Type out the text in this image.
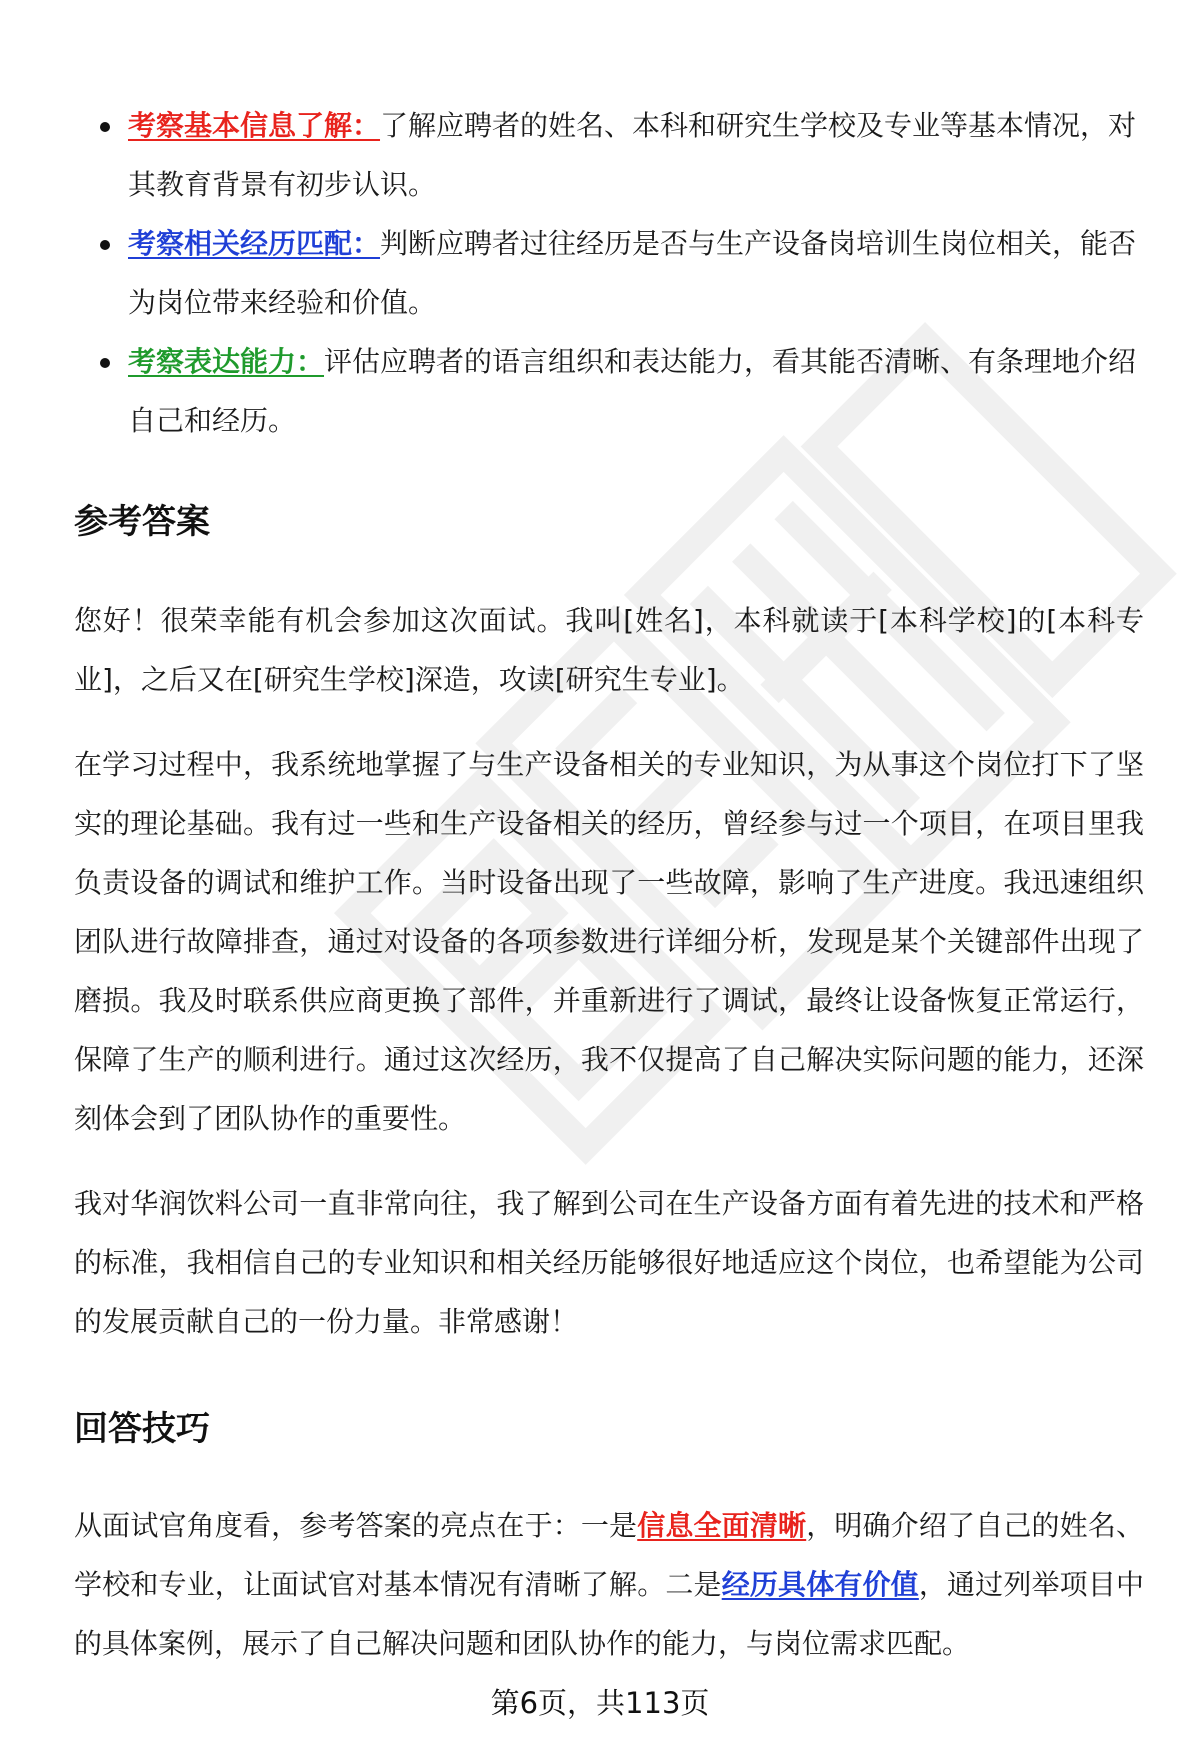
考察基本信息了解：了解应聘者的姓名、本科和研究生学校及专业等基本情况，对其教育背景有初步认识。
考察相关经历匹配：判断应聘者过往经历是否与生产设备岗培训生岗位相关，能否为岗位带来经验和价值。
考察表达能力：评估应聘者的语言组织和表达能力，看其能否清晰、有条理地介绍自己和经历。
参考答案

您好！很荣幸能有机会参加这次面试。我叫[姓名]，本科就读于[本科学校]的[本科专业]，之后又在[研究生学校]深造，攻读[研究生专业]。

在学习过程中，我系统地掌握了与生产设备相关的专业知识，为从事这个岗位打下了坚实的理论基础。我有过一些和生产设备相关的经历，曾经参与过一个项目，在项目里我负责设备的调试和维护工作。当时设备出现了一些故障，影响了生产进度。我迅速组织团队进行故障排查，通过对设备的各项参数进行详细分析，发现是某个关键部件出现了磨损。我及时联系供应商更换了部件，并重新进行了调试，最终让设备恢复正常运行，保障了生产的顺利进行。通过这次经历，我不仅提高了自己解决实际问题的能力，还深刻体会到了团队协作的重要性。

我对华润饮料公司一直非常向往，我了解到公司在生产设备方面有着先进的技术和严格的标准，我相信自己的专业知识和相关经历能够很好地适应这个岗位，也希望能为公司的发展贡献自己的一份力量。非常感谢！

回答技巧

从面试官角度看，参考答案的亮点在于：一是信息全面清晰，明确介绍了自己的姓名、学校和专业，让面试官对基本情况有清晰了解。二是经历具体有价值，通过列举项目中的具体案例，展示了自己解决问题和团队协作的能力，与岗位需求匹配。

第6页，共113页
